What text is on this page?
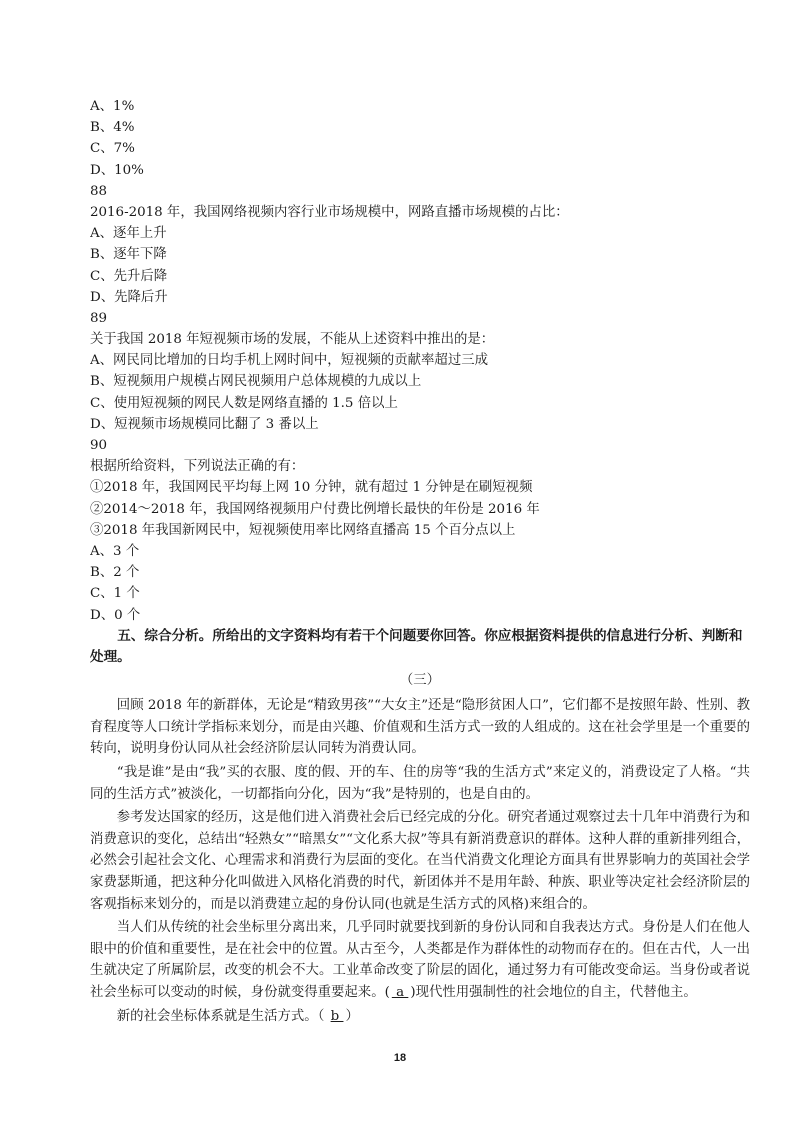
A、1%
B、4%
C、7%
D、10%
88
2016-2018 年，我国网络视频内容行业市场规模中，网路直播市场规模的占比：
A、逐年上升
B、逐年下降
C、先升后降
D、先降后升
89
关于我国 2018 年短视频市场的发展，不能从上述资料中推出的是：
A、网民同比增加的日均手机上网时间中，短视频的贡献率超过三成
B、短视频用户规模占网民视频用户总体规模的九成以上
C、使用短视频的网民人数是网络直播的 1.5 倍以上
D、短视频市场规模同比翻了 3 番以上
90
根据所给资料，下列说法正确的有：
①2018 年，我国网民平均每上网 10 分钟，就有超过 1 分钟是在刷短视频
②2014～2018 年，我国网络视频用户付费比例增长最快的年份是 2016 年
③2018 年我国新网民中，短视频使用率比网络直播高 15 个百分点以上
A、3 个
B、2 个
C、1 个
D、0 个
五、综合分析。所给出的文字资料均有若干个问题要你回答。你应根据资料提供的信息进行分析、判断和处理。
（三）

回顾 2018 年的新群体，无论是“精致男孩”“大女主”还是“隐形贫困人口”，它们都不是按照年龄、性别、教育程度等人口统计学指标来划分，而是由兴趣、价值观和生活方式一致的人组成的。这在社会学里是一个重要的转向，说明身份认同从社会经济阶层认同转为消费认同。

“我是谁”是由“我”买的衣服、度的假、开的车、住的房等“我的生活方式”来定义的，消费设定了人格。“共同的生活方式”被淡化，一切都指向分化，因为“我”是特别的，也是自由的。

参考发达国家的经历，这是他们进入消费社会后已经完成的分化。研究者通过观察过去十几年中消费行为和消费意识的变化，总结出“轻熟女”“暗黑女”“文化系大叔”等具有新消费意识的群体。这种人群的重新排列组合，必然会引起社会文化、心理需求和消费行为层面的变化。在当代消费文化理论方面具有世界影响力的英国社会学家费瑟斯通，把这种分化叫做进入风格化消费的时代，新团体并不是用年龄、种族、职业等决定社会经济阶层的客观指标来划分的，而是以消费建立起的身份认同(也就是生活方式的风格)来组合的。

当人们从传统的社会坐标里分离出来，几乎同时就要找到新的身份认同和自我表达方式。身份是人们在他人眼中的价值和重要性，是在社会中的位置。从古至今，人类都是作为群体性的动物而存在的。但在古代，人一出生就决定了所属阶层，改变的机会不大。工业革命改变了阶层的固化，通过努力有可能改变命运。当身份或者说社会坐标可以变动的时候，身份就变得重要起来。( a )现代性用强制性的社会地位的自主，代替他主。

新的社会坐标体系就是生活方式。（ b ）

18
